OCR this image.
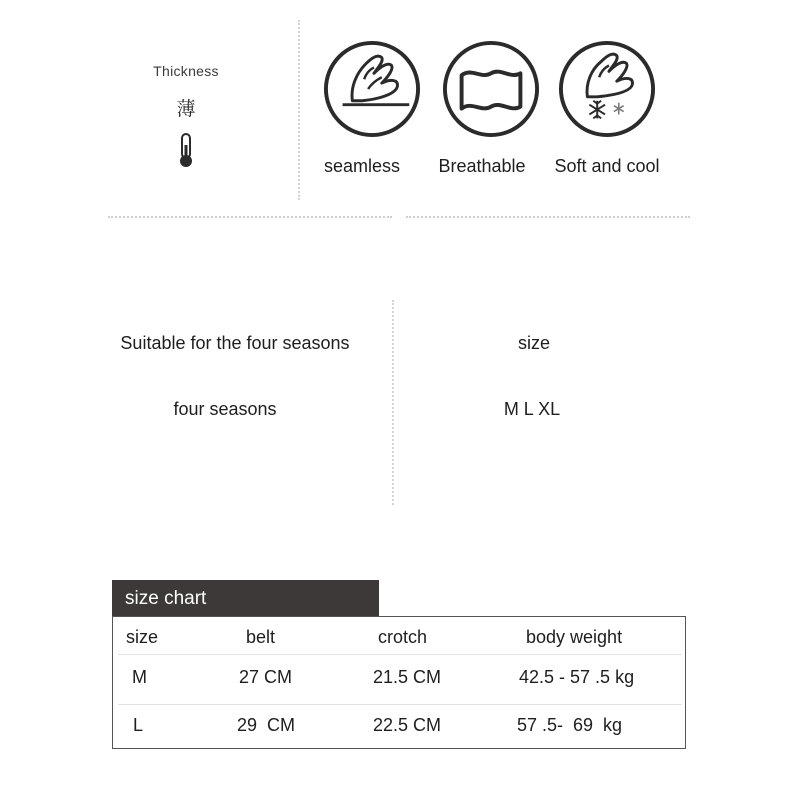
Thickness
薄
seamless	Breathable	Soft and cool
Suitable for the four seasons
four seasons
size
M L XL
size chart
size	belt	crotch	body weight
M	27 CM	21.5 CM	42.5 - 57 .5 kg
L	29  CM	22.5 CM	57 .5-  69  kg
